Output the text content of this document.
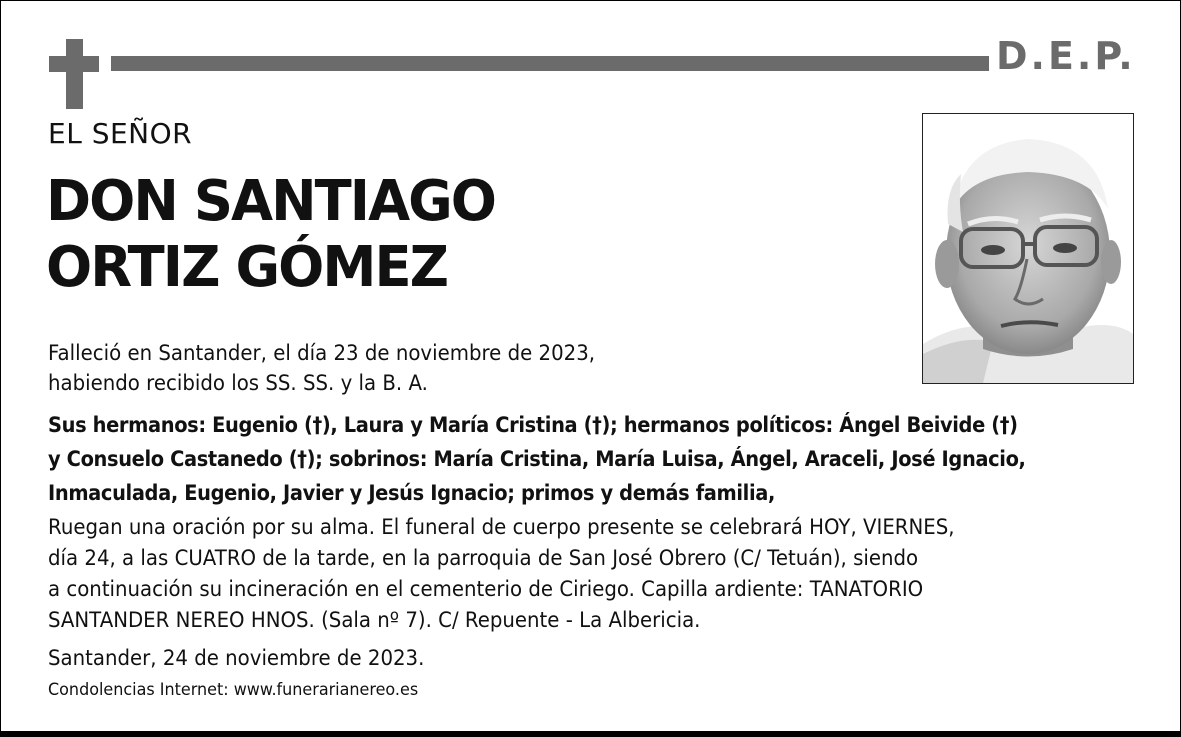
D.E.P.
EL SEÑOR
DON SANTIAGO
ORTIZ GÓMEZ
Falleció en Santander, el día 23 de noviembre de 2023,
habiendo recibido los SS. SS. y la B. A.
Sus hermanos: Eugenio (†), Laura y María Cristina (†); hermanos políticos: Ángel Beivide (†)
y Consuelo Castanedo (†); sobrinos: María Cristina, María Luisa, Ángel, Araceli, José Ignacio,
Inmaculada, Eugenio, Javier y Jesús Ignacio; primos y demás familia,
Ruegan una oración por su alma. El funeral de cuerpo presente se celebrará HOY, VIERNES,
día 24, a las CUATRO de la tarde, en la parroquia de San José Obrero (C/ Tetuán), siendo
a continuación su incineración en el cementerio de Ciriego. Capilla ardiente: TANATORIO
SANTANDER NEREO HNOS. (Sala nº 7). C/ Repuente - La Albericia.
Santander, 24 de noviembre de 2023.
Condolencias Internet: www.funerarianereo.es
